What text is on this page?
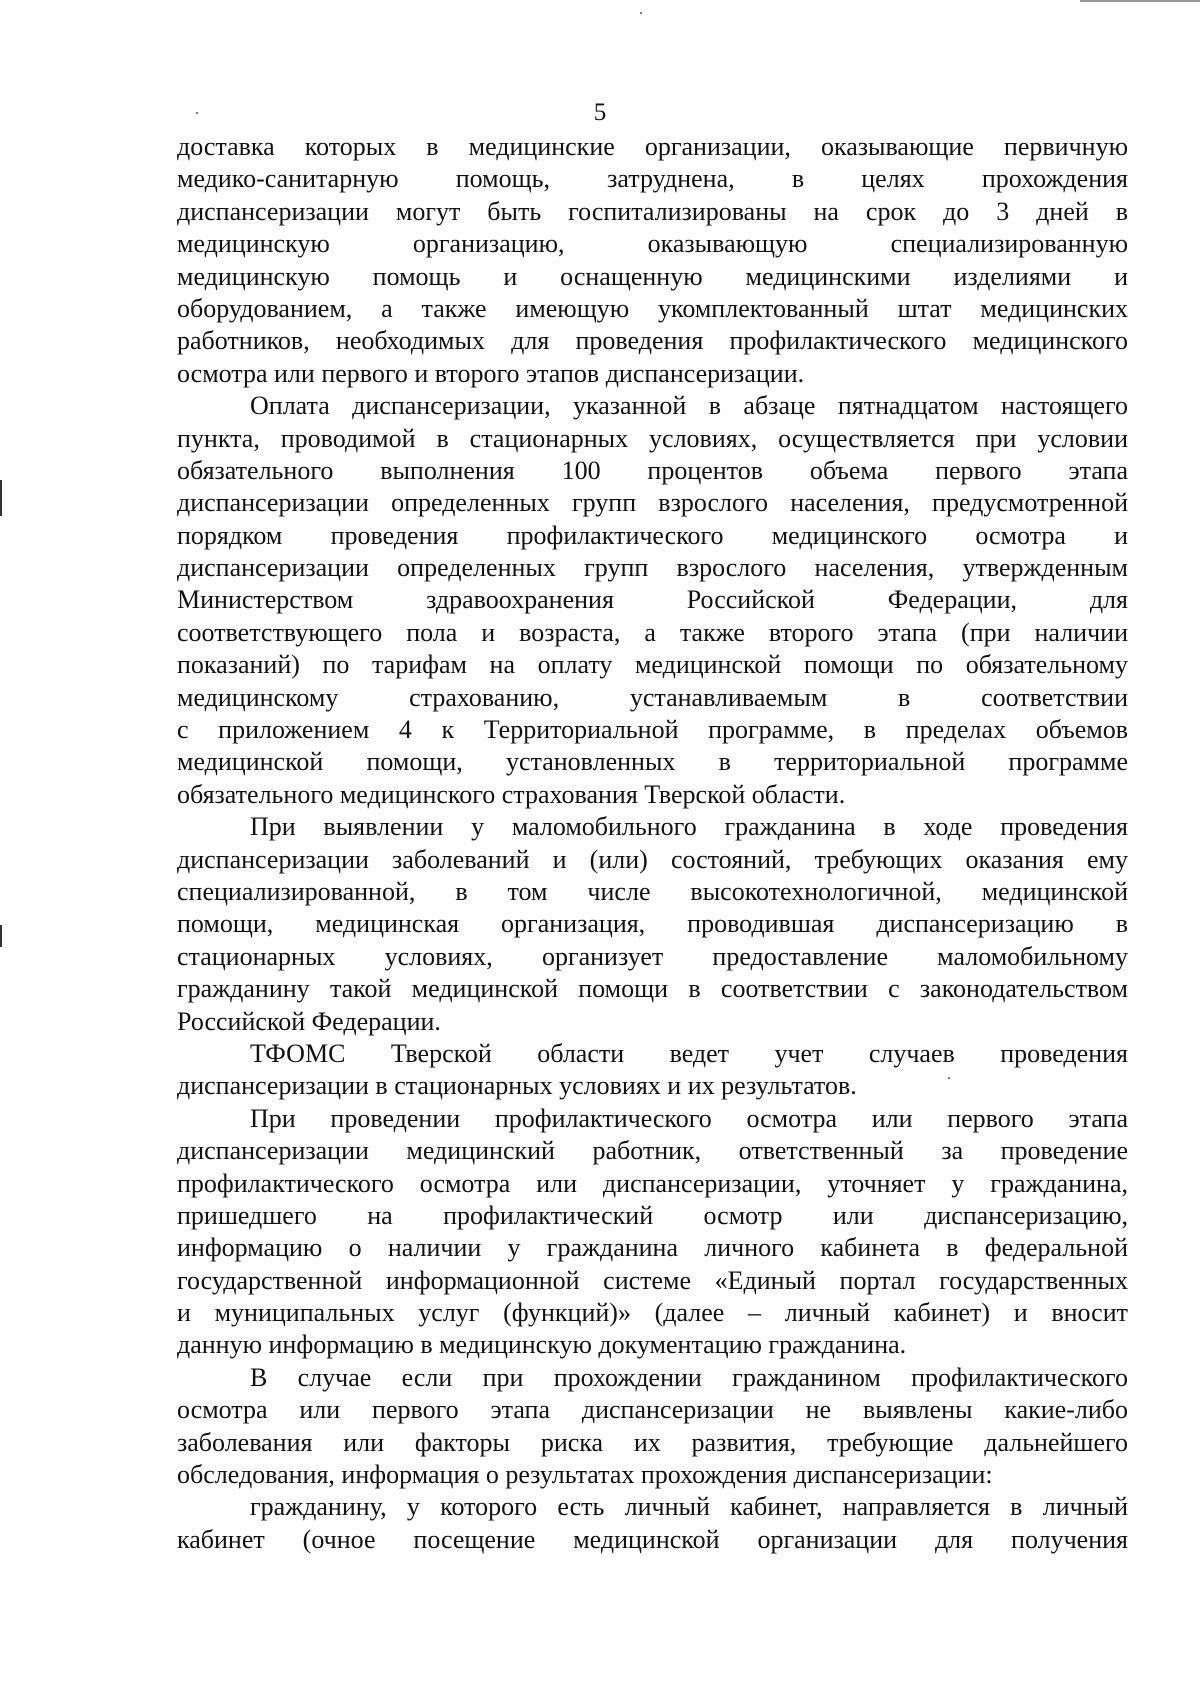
5
доставка которых в медицинские организации, оказывающие первичную
медико-санитарную помощь, затруднена, в целях прохождения
диспансеризации могут быть госпитализированы на срок до 3 дней в
медицинскую организацию, оказывающую специализированную
медицинскую помощь и оснащенную медицинскими изделиями и
оборудованием, а также имеющую укомплектованный штат медицинских
работников, необходимых для проведения профилактического медицинского
осмотра или первого и второго этапов диспансеризации.
Оплата диспансеризации, указанной в абзаце пятнадцатом настоящего
пункта, проводимой в стационарных условиях, осуществляется при условии
обязательного выполнения 100 процентов объема первого этапа
диспансеризации определенных групп взрослого населения, предусмотренной
порядком проведения профилактического медицинского осмотра и
диспансеризации определенных групп взрослого населения, утвержденным
Министерством здравоохранения Российской Федерации, для
соответствующего пола и возраста, а также второго этапа (при наличии
показаний) по тарифам на оплату медицинской помощи по обязательному
медицинскому страхованию, устанавливаемым в соответствии
с приложением 4 к Территориальной программе, в пределах объемов
медицинской помощи, установленных в территориальной программе
обязательного медицинского страхования Тверской области.
При выявлении у маломобильного гражданина в ходе проведения
диспансеризации заболеваний и (или) состояний, требующих оказания ему
специализированной, в том числе высокотехнологичной, медицинской
помощи, медицинская организация, проводившая диспансеризацию в
стационарных условиях, организует предоставление маломобильному
гражданину такой медицинской помощи в соответствии с законодательством
Российской Федерации.
ТФОМС Тверской области ведет учет случаев проведения
диспансеризации в стационарных условиях и их результатов.
При проведении профилактического осмотра или первого этапа
диспансеризации медицинский работник, ответственный за проведение
профилактического осмотра или диспансеризации, уточняет у гражданина,
пришедшего на профилактический осмотр или диспансеризацию,
информацию о наличии у гражданина личного кабинета в федеральной
государственной информационной системе «Единый портал государственных
и муниципальных услуг (функций)» (далее – личный кабинет) и вносит
данную информацию в медицинскую документацию гражданина.
В случае если при прохождении гражданином профилактического
осмотра или первого этапа диспансеризации не выявлены какие-либо
заболевания или факторы риска их развития, требующие дальнейшего
обследования, информация о результатах прохождения диспансеризации:
гражданину, у которого есть личный кабинет, направляется в личный
кабинет (очное посещение медицинской организации для получения
